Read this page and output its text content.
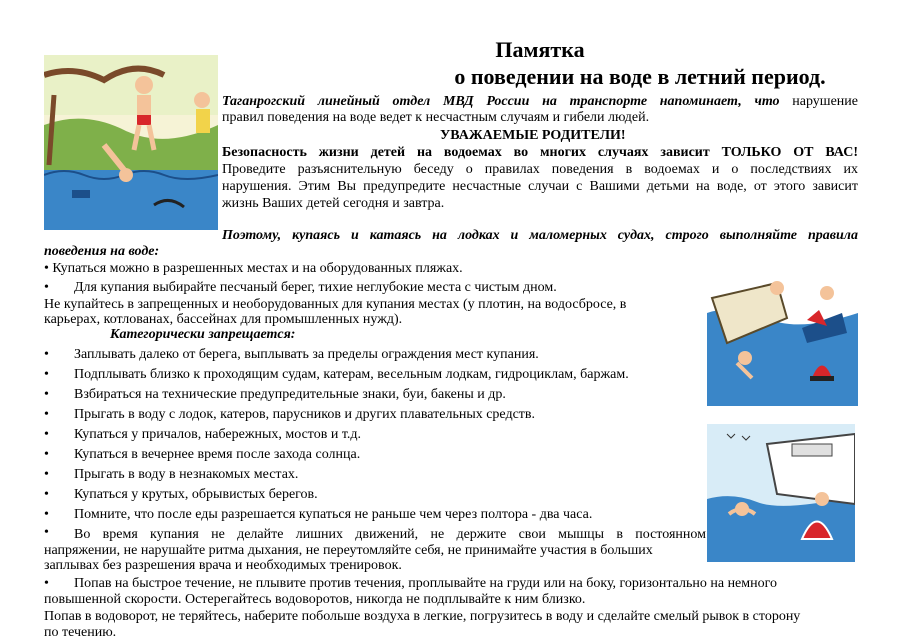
Памятка
о поведении на воде в летний период.
Таганрогский линейный отдел МВД России на транспорте напоминает, что нарушение
правил поведения на воде ведет к несчастным случаям и гибели людей.
УВАЖАЕМЫЕ РОДИТЕЛИ!
Безопасность жизни детей на водоемах во многих случаях зависит ТОЛЬКО ОТ ВАС!
Проведите разъяснительную беседу о правилах поведения в водоемах и о последствиях их
нарушения. Этим Вы предупредите несчастные случаи с Вашими детьми на воде, от этого зависит
жизнь Ваших детей сегодня и завтра.
Поэтому, купаясь и катаясь на лодках и маломерных судах, строго выполняйте правила
поведения на воде:
• Купаться можно в разрешенных местах и на оборудованных пляжах.
• Для купания выбирайте песчаный берег, тихие неглубокие места с чистым дном.
Не купайтесь в запрещенных и необорудованных для купания местах (у плотин, на водосбросе, в
карьерах, котлованах, бассейнах для промышленных нужд).
Категорически запрещается:
• Заплывать далеко от берега, выплывать за пределы ограждения мест купания.
• Подплывать близко к проходящим судам, катерам, весельным лодкам, гидроциклам, баржам.
• Взбираться на технические предупредительные знаки, буи, бакены и др.
• Прыгать в воду с лодок, катеров, парусников и других плавательных средств.
• Купаться у причалов, набережных, мостов и т.д.
• Купаться в вечернее время после захода солнца.
• Прыгать в воду в незнакомых местах.
• Купаться у крутых, обрывистых берегов.
• Помните, что после еды разрешается купаться не раньше чем через полтора - два часа.
• Во время купания не делайте лишних движений, не держите свои мышцы в постоянном
напряжении, не нарушайте ритма дыхания, не переутомляйте себя, не принимайте участия в больших
заплывах без разрешения врача и необходимых тренировок.
• Попав на быстрое течение, не плывите против течения, проплывайте на груди или на боку, горизонтально на немного
повышенной скорости. Остерегайтесь водоворотов, никогда не подплывайте к ним близко.
Попав в водоворот, не теряйтесь, наберите побольше воздуха в легкие, погрузитесь в воду и сделайте смелый рывок в сторону
по течению.
